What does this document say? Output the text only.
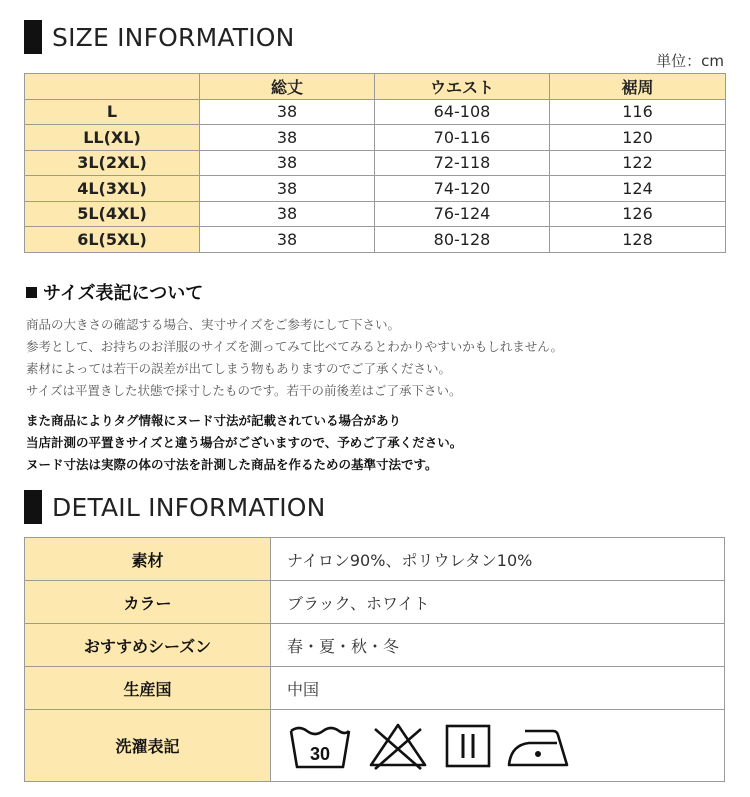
SIZE INFORMATION
単位：cm
	総丈	ウエスト	裾周
L	38	64-108	116
LL(XL)	38	70-116	120
3L(2XL)	38	72-118	122
4L(3XL)	38	74-120	124
5L(4XL)	38	76-124	126
6L(5XL)	38	80-128	128
サイズ表記について
商品の大きさの確認する場合、実寸サイズをご参考にして下さい。
参考として、お持ちのお洋服のサイズを測ってみて比べてみるとわかりやすいかもしれません。
素材によっては若干の誤差が出てしまう物もありますのでご了承ください。
サイズは平置きした状態で採寸したものです。若干の前後差はご了承下さい。
また商品によりタグ情報にヌード寸法が記載されている場合があり
当店計測の平置きサイズと違う場合がございますので、予めご了承ください。
ヌード寸法は実際の体の寸法を計測した商品を作るための基準寸法です。
DETAIL INFORMATION
素材	ナイロン90%、ポリウレタン10%
カラー	ブラック、ホワイト
おすすめシーズン	春・夏・秋・冬
生産国	中国
洗濯表記	30
